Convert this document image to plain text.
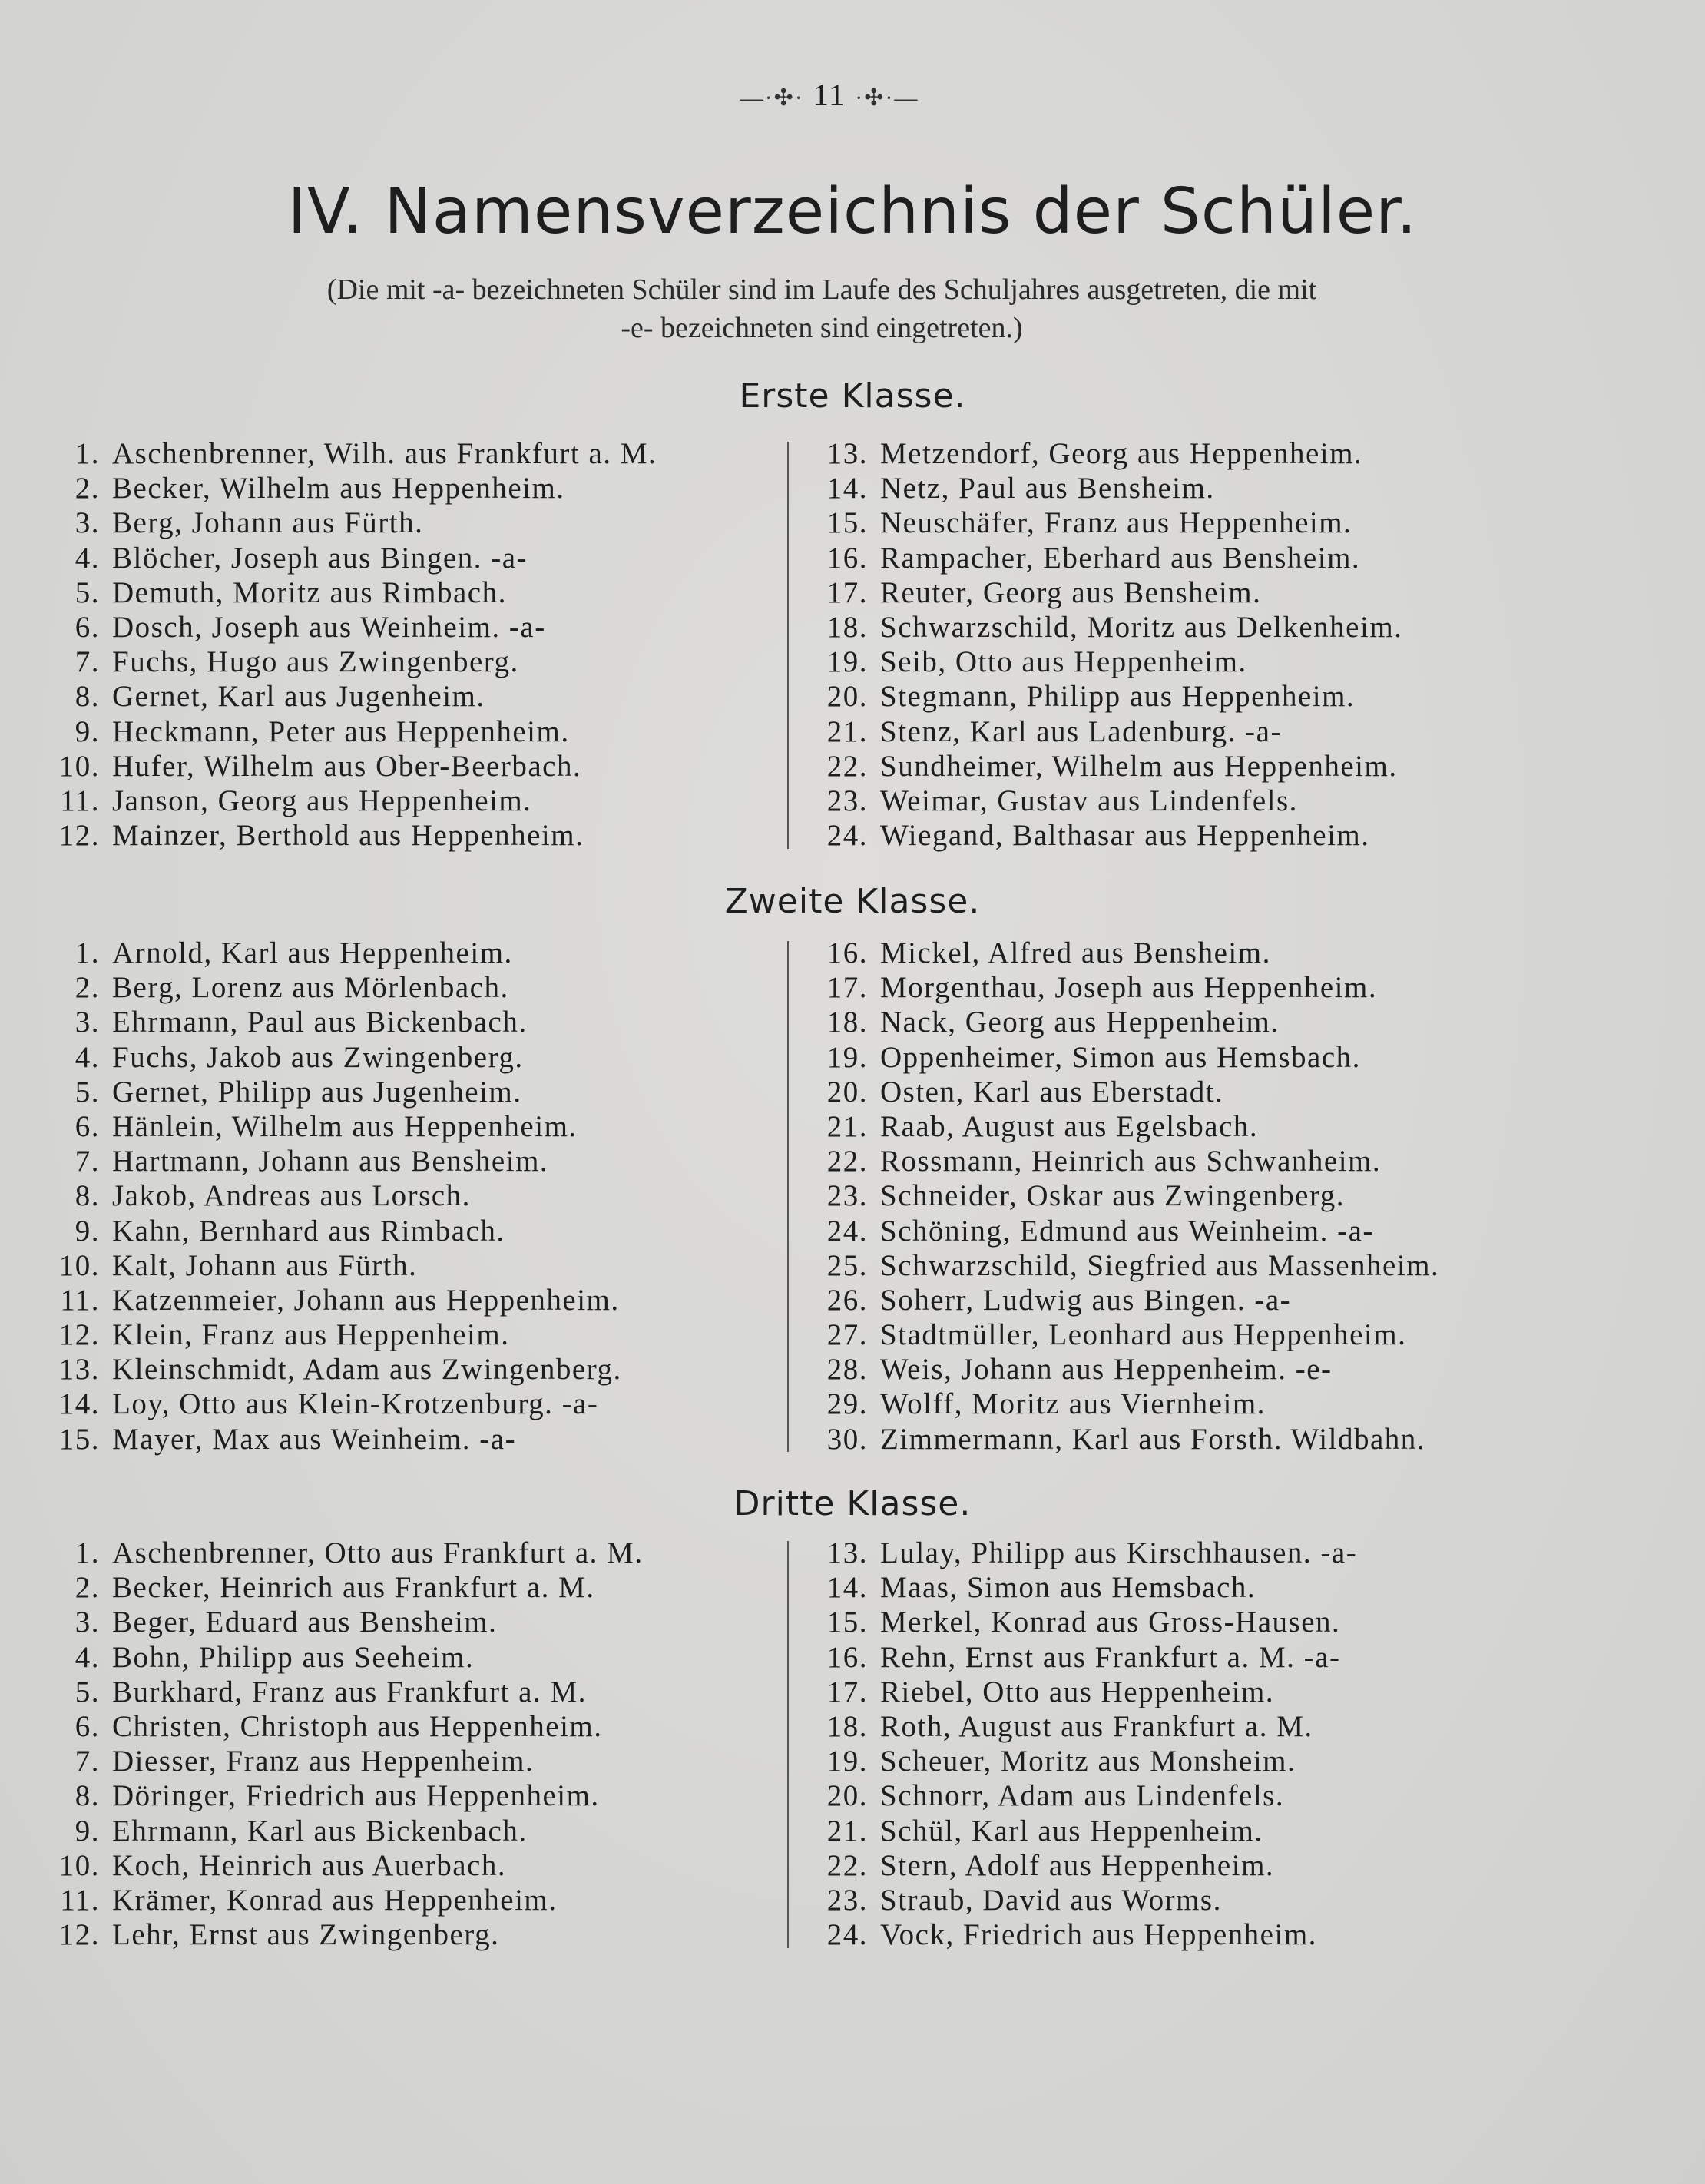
—·✣· 11 ·✣·—
IV. Namensverzeichnis der Schüler.
(Die mit -a- bezeichneten Schüler sind im Laufe des Schuljahres ausgetreten, die mit
-e- bezeichneten sind eingetreten.)
Erste Klasse.
1. Aschenbrenner, Wilh. aus Frankfurt a. M.
2. Becker, Wilhelm aus Heppenheim.
3. Berg, Johann aus Fürth.
4. Blöcher, Joseph aus Bingen. -a-
5. Demuth, Moritz aus Rimbach.
6. Dosch, Joseph aus Weinheim. -a-
7. Fuchs, Hugo aus Zwingenberg.
8. Gernet, Karl aus Jugenheim.
9. Heckmann, Peter aus Heppenheim.
10. Hufer, Wilhelm aus Ober-Beerbach.
11. Janson, Georg aus Heppenheim.
12. Mainzer, Berthold aus Heppenheim.
13. Metzendorf, Georg aus Heppenheim.
14. Netz, Paul aus Bensheim.
15. Neuschäfer, Franz aus Heppenheim.
16. Rampacher, Eberhard aus Bensheim.
17. Reuter, Georg aus Bensheim.
18. Schwarzschild, Moritz aus Delkenheim.
19. Seib, Otto aus Heppenheim.
20. Stegmann, Philipp aus Heppenheim.
21. Stenz, Karl aus Ladenburg. -a-
22. Sundheimer, Wilhelm aus Heppenheim.
23. Weimar, Gustav aus Lindenfels.
24. Wiegand, Balthasar aus Heppenheim.
Zweite Klasse.
1. Arnold, Karl aus Heppenheim.
2. Berg, Lorenz aus Mörlenbach.
3. Ehrmann, Paul aus Bickenbach.
4. Fuchs, Jakob aus Zwingenberg.
5. Gernet, Philipp aus Jugenheim.
6. Hänlein, Wilhelm aus Heppenheim.
7. Hartmann, Johann aus Bensheim.
8. Jakob, Andreas aus Lorsch.
9. Kahn, Bernhard aus Rimbach.
10. Kalt, Johann aus Fürth.
11. Katzenmeier, Johann aus Heppenheim.
12. Klein, Franz aus Heppenheim.
13. Kleinschmidt, Adam aus Zwingenberg.
14. Loy, Otto aus Klein-Krotzenburg. -a-
15. Mayer, Max aus Weinheim. -a-
16. Mickel, Alfred aus Bensheim.
17. Morgenthau, Joseph aus Heppenheim.
18. Nack, Georg aus Heppenheim.
19. Oppenheimer, Simon aus Hemsbach.
20. Osten, Karl aus Eberstadt.
21. Raab, August aus Egelsbach.
22. Rossmann, Heinrich aus Schwanheim.
23. Schneider, Oskar aus Zwingenberg.
24. Schöning, Edmund aus Weinheim. -a-
25. Schwarzschild, Siegfried aus Massenheim.
26. Soherr, Ludwig aus Bingen. -a-
27. Stadtmüller, Leonhard aus Heppenheim.
28. Weis, Johann aus Heppenheim. -e-
29. Wolff, Moritz aus Viernheim.
30. Zimmermann, Karl aus Forsth. Wildbahn.
Dritte Klasse.
1. Aschenbrenner, Otto aus Frankfurt a. M.
2. Becker, Heinrich aus Frankfurt a. M.
3. Beger, Eduard aus Bensheim.
4. Bohn, Philipp aus Seeheim.
5. Burkhard, Franz aus Frankfurt a. M.
6. Christen, Christoph aus Heppenheim.
7. Diesser, Franz aus Heppenheim.
8. Döringer, Friedrich aus Heppenheim.
9. Ehrmann, Karl aus Bickenbach.
10. Koch, Heinrich aus Auerbach.
11. Krämer, Konrad aus Heppenheim.
12. Lehr, Ernst aus Zwingenberg.
13. Lulay, Philipp aus Kirschhausen. -a-
14. Maas, Simon aus Hemsbach.
15. Merkel, Konrad aus Gross-Hausen.
16. Rehn, Ernst aus Frankfurt a. M. -a-
17. Riebel, Otto aus Heppenheim.
18. Roth, August aus Frankfurt a. M.
19. Scheuer, Moritz aus Monsheim.
20. Schnorr, Adam aus Lindenfels.
21. Schül, Karl aus Heppenheim.
22. Stern, Adolf aus Heppenheim.
23. Straub, David aus Worms.
24. Vock, Friedrich aus Heppenheim.
